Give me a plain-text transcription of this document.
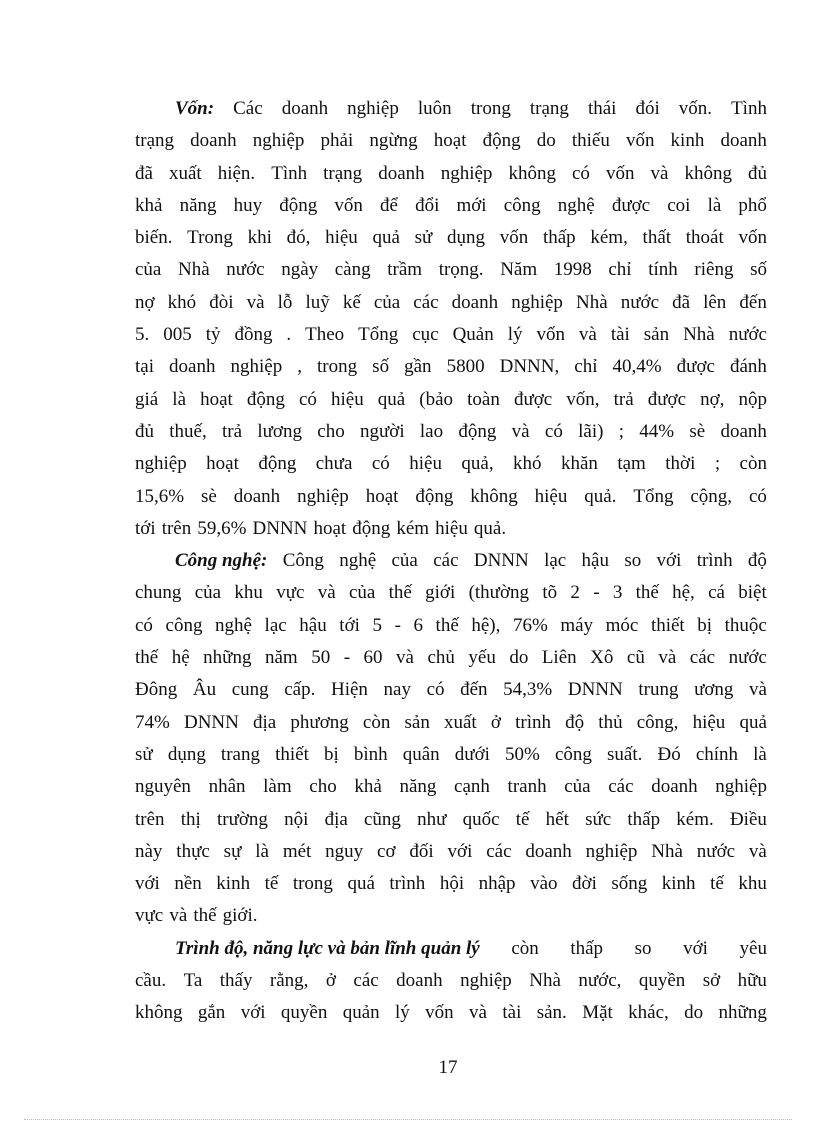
Vốn: Các doanh nghiệp luôn trong trạng thái đói vốn. Tình
trạng doanh nghiệp phải ngừng hoạt động do thiếu vốn kinh doanh
đã xuất hiện. Tình trạng doanh nghiệp không có vốn và không đủ
khả năng huy động vốn để đổi mới công nghệ được coi là phổ
biến. Trong khi đó, hiệu quả sử dụng vốn thấp kém, thất thoát vốn
của Nhà nước ngày càng trầm trọng. Năm 1998 chỉ tính riêng số
nợ khó đòi và lỗ luỹ kế của các doanh nghiệp Nhà nước đã lên đến
5. 005 tỷ đồng . Theo Tổng cục Quản lý vốn và tài sản Nhà nước
tại doanh nghiệp , trong số gần 5800 DNNN, chỉ 40,4% được đánh
giá là hoạt động có hiệu quả (bảo toàn được vốn, trả được nợ, nộp
đủ thuế, trả lương cho người lao động và có lãi) ; 44% sè doanh
nghiệp hoạt động chưa có hiệu quả, khó khăn tạm thời ; còn
15,6% sè doanh nghiệp hoạt động không hiệu quả. Tổng cộng, có
tới trên 59,6% DNNN hoạt động kém hiệu quả.
Công nghệ: Công nghệ của các DNNN lạc hậu so với trình độ
chung của khu vực và của thế giới (thường tõ 2 - 3 thế hệ, cá biệt
có công nghệ lạc hậu tới 5 - 6 thế hệ), 76% máy móc thiết bị thuộc
thế hệ những năm 50 - 60 và chủ yếu do Liên Xô cũ và các nước
Đông Âu cung cấp. Hiện nay có đến 54,3% DNNN trung ương và
74% DNNN địa phương còn sản xuất ở trình độ thủ công, hiệu quả
sử dụng trang thiết bị bình quân dưới 50% công suất. Đó chính là
nguyên nhân làm cho khả năng cạnh tranh của các doanh nghiệp
trên thị trường nội địa cũng như quốc tế hết sức thấp kém. Điều
này thực sự là mét nguy cơ đối với các doanh nghiệp Nhà nước và
với nền kinh tế trong quá trình hội nhập vào đời sống kinh tế khu
vực và thế giới.
Trình độ, năng lực và bản lĩnh quản lý còn thấp so với yêu
cầu. Ta thấy rằng, ở các doanh nghiệp Nhà nước, quyền sở hữu
không gắn với quyền quản lý vốn và tài sản. Mặt khác, do những
17
